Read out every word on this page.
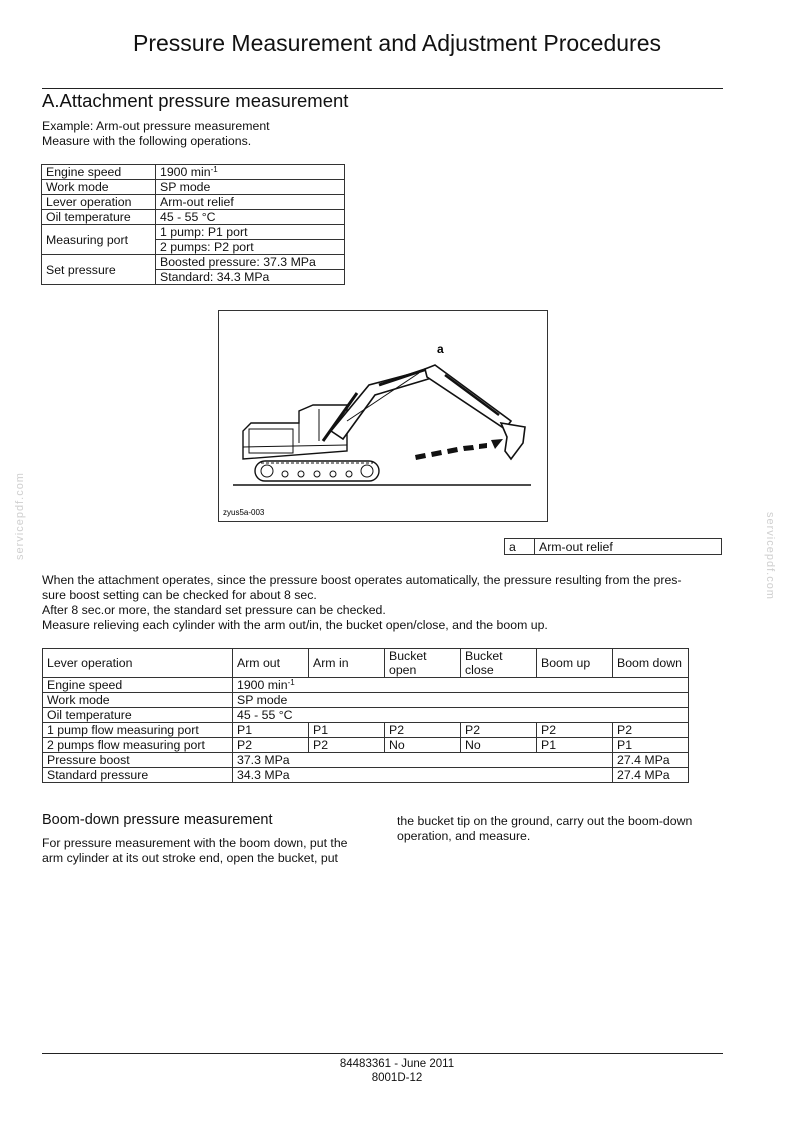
Pressure Measurement and Adjustment Procedures
A.Attachment pressure measurement
Example: Arm-out pressure measurement
Measure with the following operations.
Engine speed	1900 $\min^{-1}$
Work mode	SP mode
Lever operation	Arm-out relief
Oil temperature	45 - 55 °C
Measuring port	1 pump: P1 port
	2 pumps: P2 port
Set pressure	Boosted pressure: 37.3 MPa
	Standard: 34.3 MPa
a
zyus5a-003
a	Arm-out relief
When the attachment operates, since the pressure boost operates automatically, the pressure resulting from the pres-
sure boost setting can be checked for about 8 sec.
After 8 sec.or more, the standard set pressure can be checked.
Measure relieving each cylinder with the arm out/in, the bucket open/close, and the boom up.
Lever operation	Arm out	Arm in	Bucket open	Bucket close	Boom up	Boom down
Engine speed	1900 $\min^{-1}$
Work mode	SP mode					
Oil temperature	45 - 55 °C					
1 pump flow measuring port	P1	P1	P2	P2	P2	P2
2 pumps flow measuring port	P2	P2	No	No	P1	P1
Pressure boost	37.3 MPa					27.4 MPa
Standard pressure	34.3 MPa					27.4 MPa
Boom-down pressure measurement
For pressure measurement with the boom down, put the
arm cylinder at its out stroke end, open the bucket, put
the bucket tip on the ground, carry out the boom-down
operation, and measure.
84483361 - June 2011
8001D-12
servicepdf.com	servicepdf.com
